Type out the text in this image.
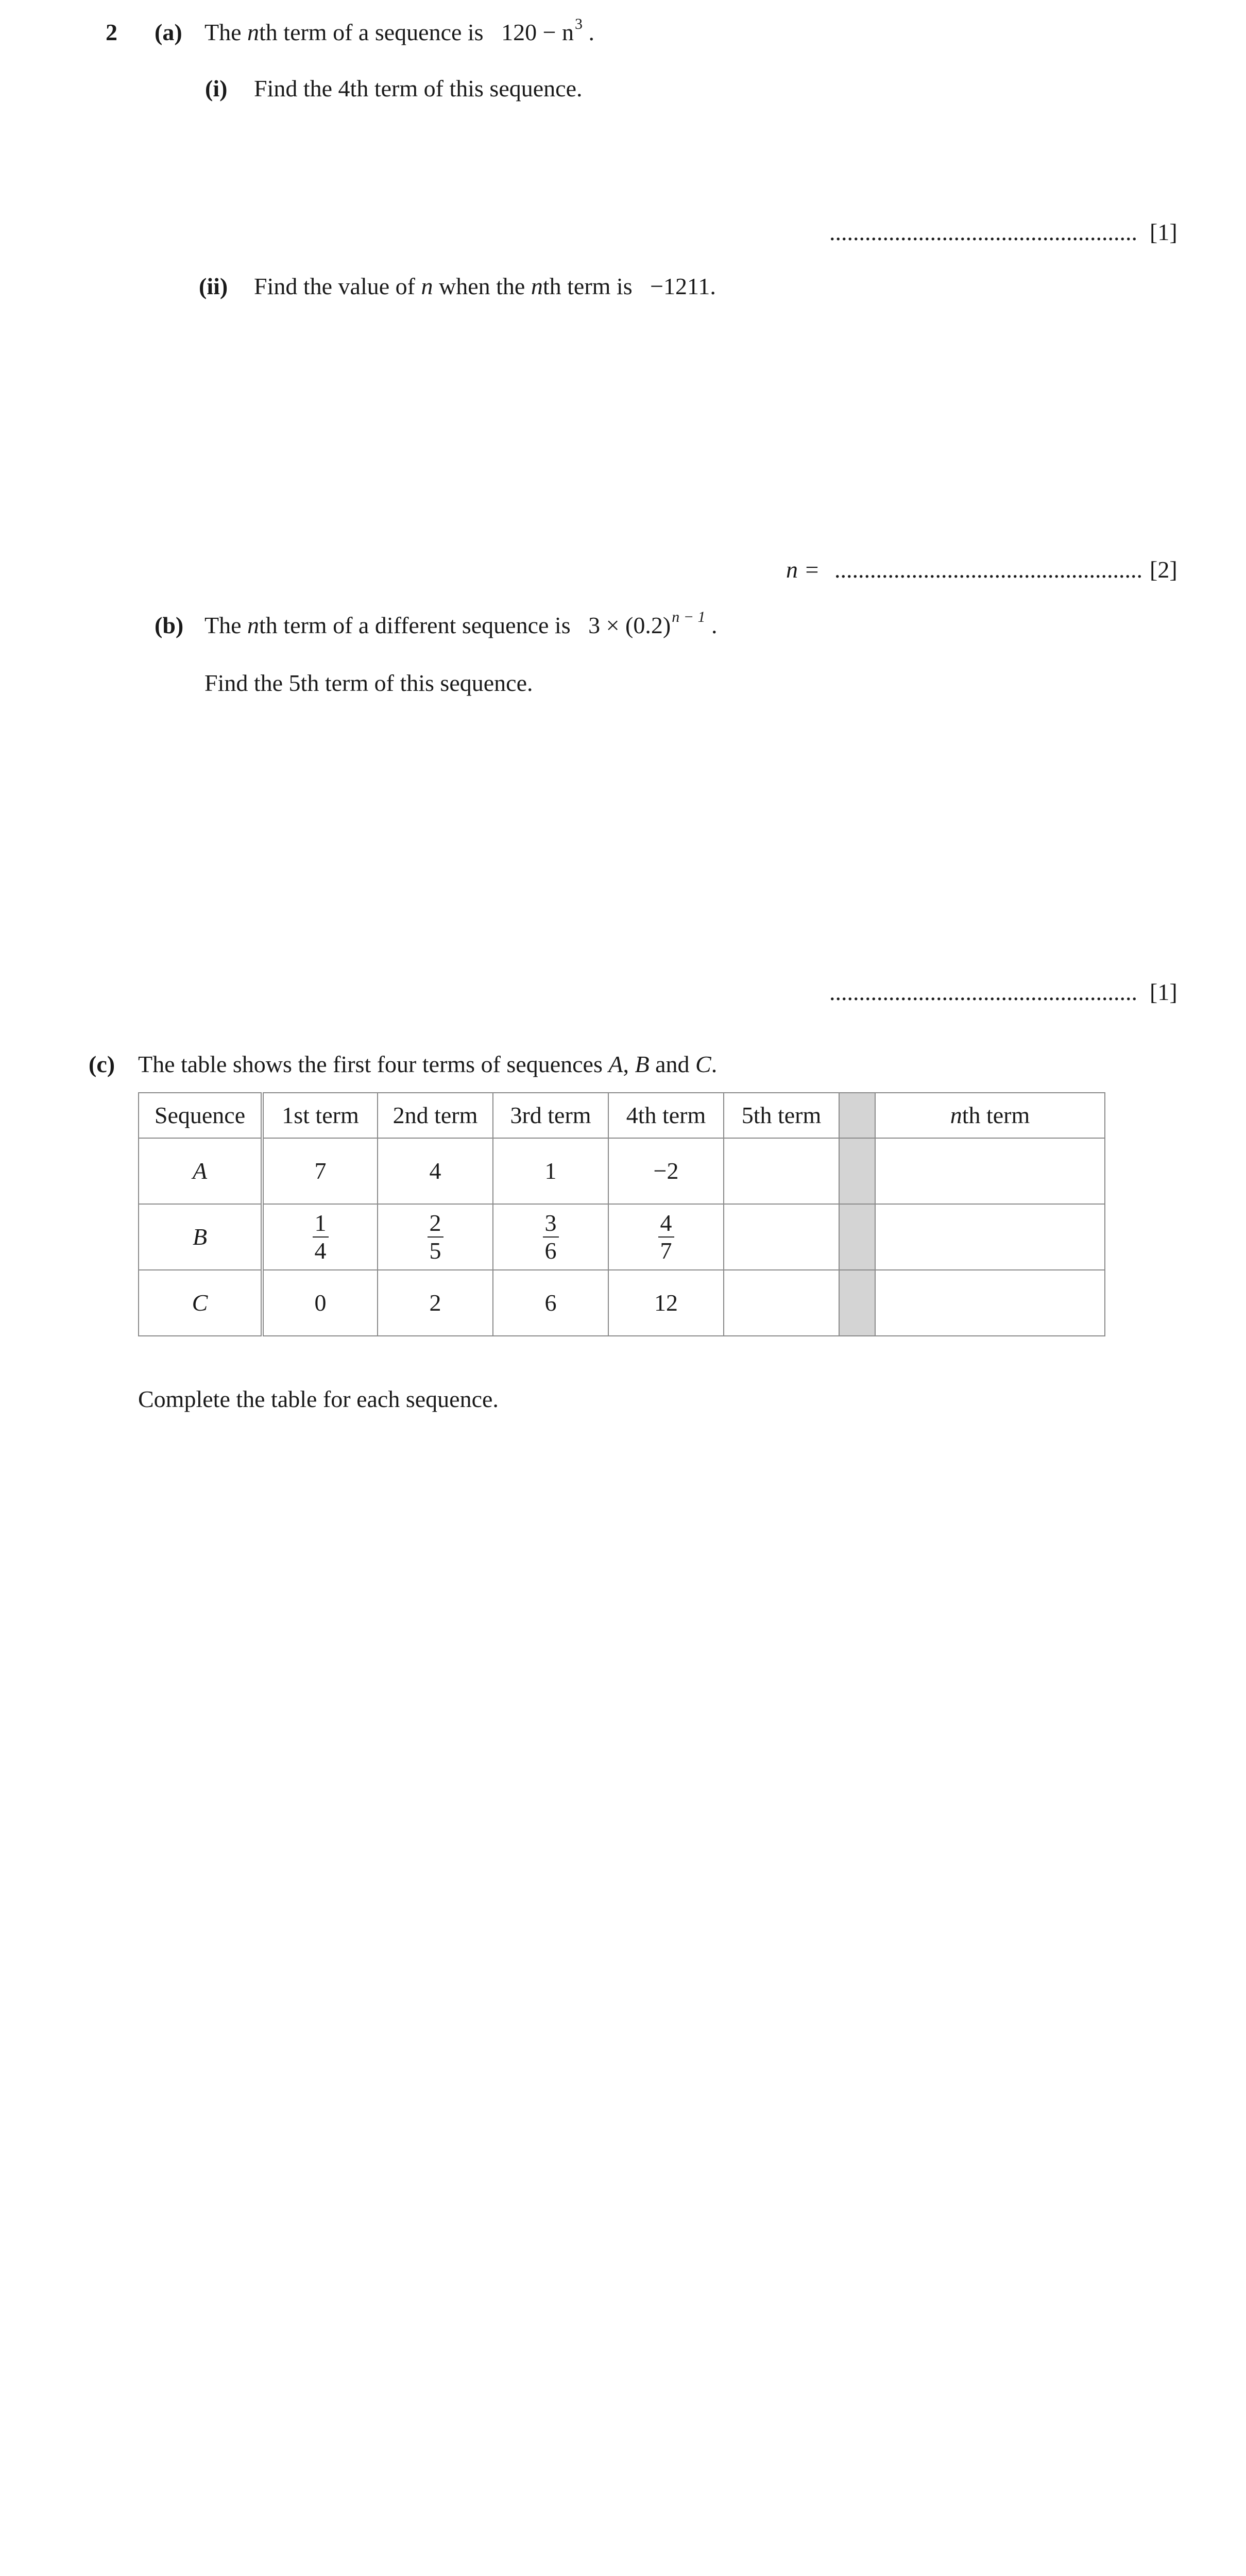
2 (a) The nth term of a sequence is $120 - n^3$ .
(i) Find the 4th term of this sequence.
.................................................... [1]
(ii) Find the value of n when the nth term is −1211.
n = .................................................... [2]
(b) The nth term of a different sequence is $3 \times (0.2)^{n - 1}$ .
Find the 5th term of this sequence.
.................................................... [1]
(c) The table shows the first four terms of sequences A, B and C.
Sequence	1st term	2nd term	3rd term	4th term	5th term		nth term
A	7	4	1	−2			
B	$\frac{1}{4}$	$\frac{2}{5}$	$\frac{3}{6}$	$\frac{4}{7}$

C	0	2	6	12			
Complete the table for each sequence.
